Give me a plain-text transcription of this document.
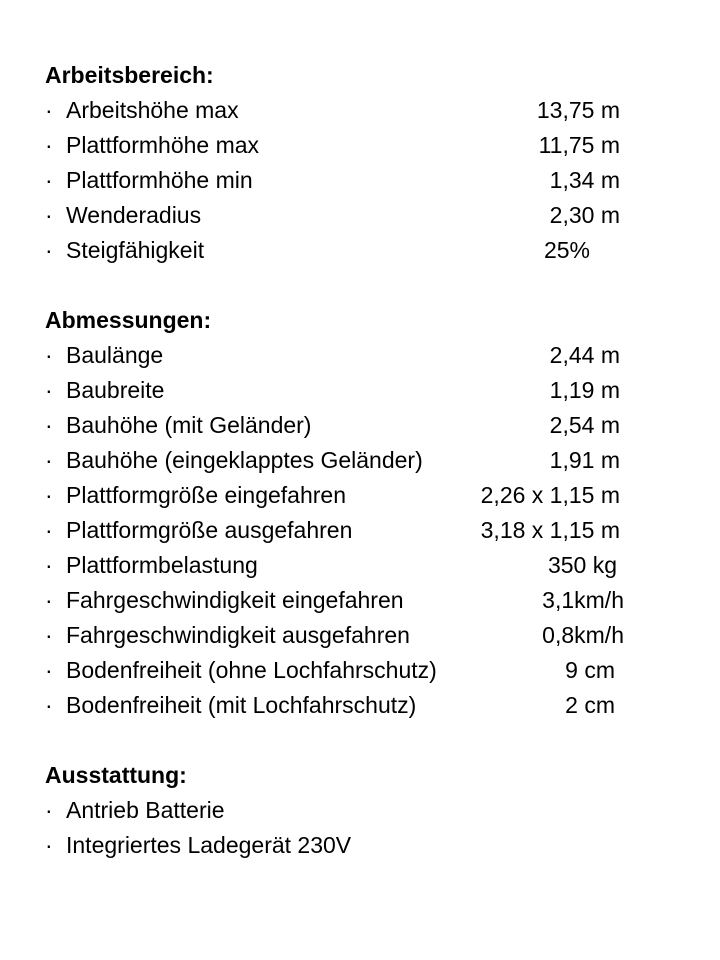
Arbeitsbereich:
· Arbeitshöhe max	13,75 m
· Plattformhöhe max	11,75 m
· Plattformhöhe min	1,34 m
· Wenderadius	2,30 m
· Steigfähigkeit	25%
Abmessungen:
· Baulänge	2,44 m
· Baubreite	1,19 m
· Bauhöhe (mit Geländer)	2,54 m
· Bauhöhe (eingeklapptes Geländer)	1,91 m
· Plattformgröße eingefahren	2,26 x 1,15 m
· Plattformgröße ausgefahren	3,18 x 1,15 m
· Plattformbelastung	350 kg
· Fahrgeschwindigkeit eingefahren	3,1km/h
· Fahrgeschwindigkeit ausgefahren	0,8km/h
· Bodenfreiheit (ohne Lochfahrschutz)	9 cm
· Bodenfreiheit (mit Lochfahrschutz)	2 cm
Ausstattung:
· Antrieb Batterie
· Integriertes Ladegerät 230V
